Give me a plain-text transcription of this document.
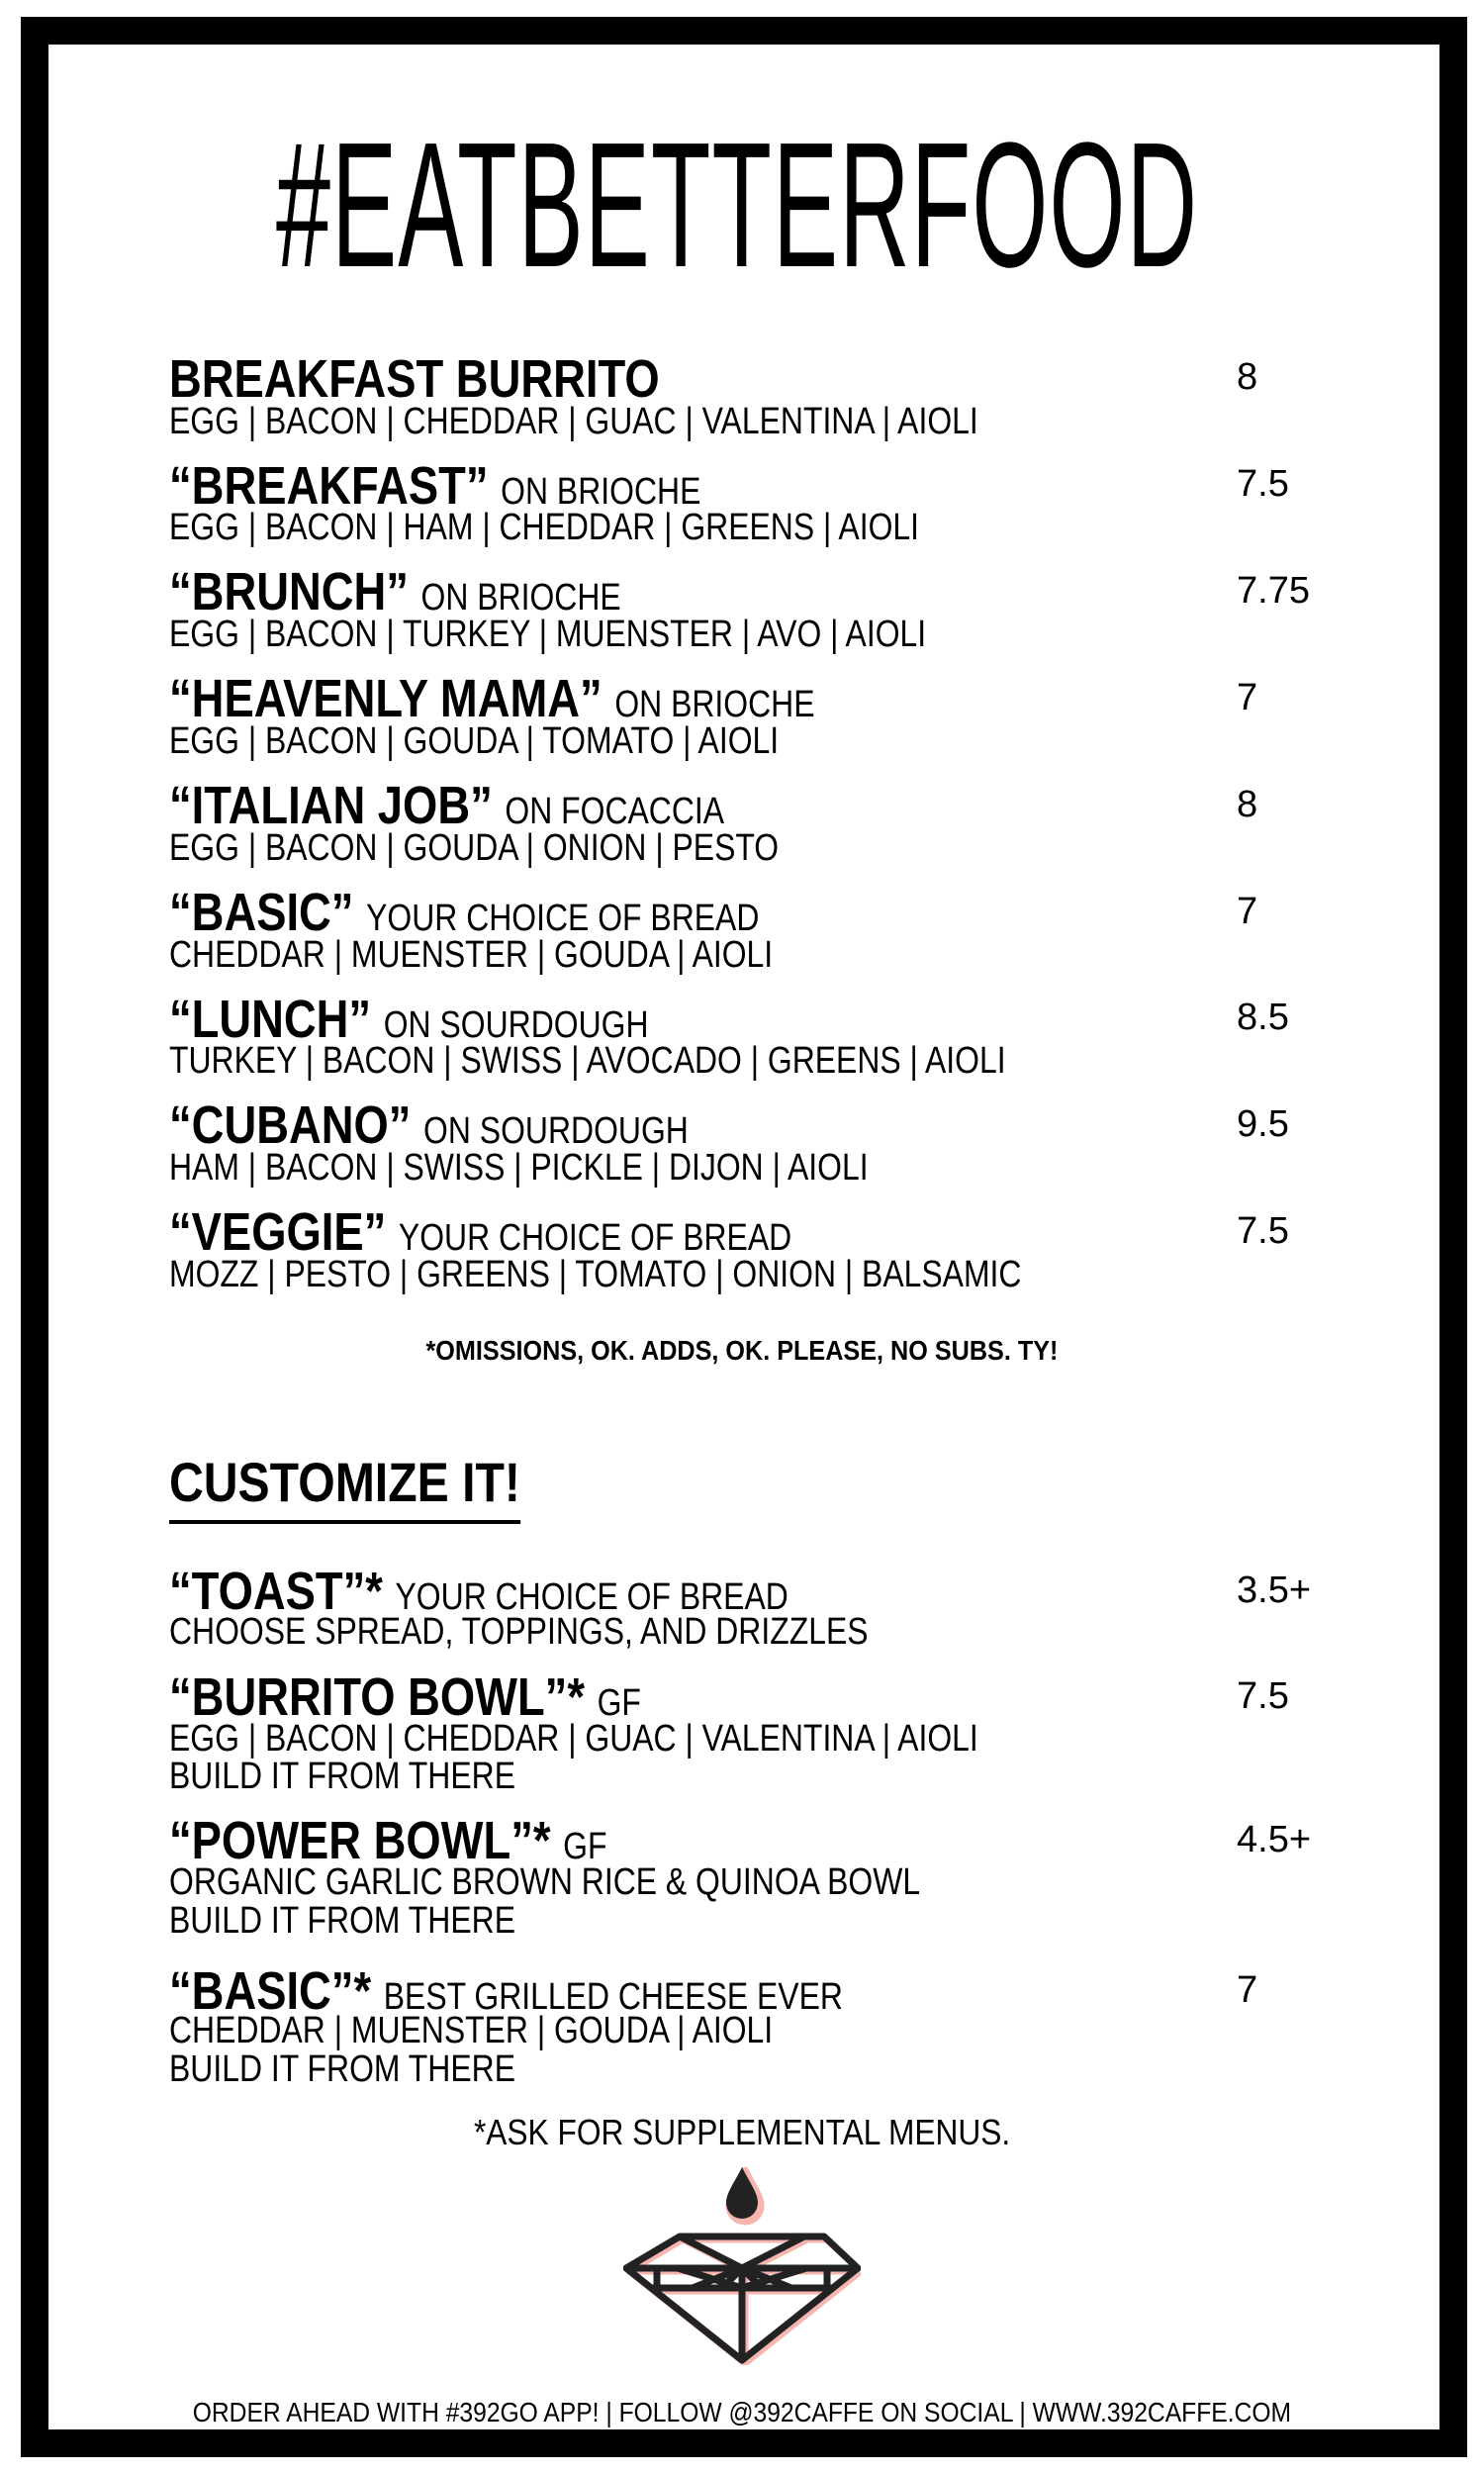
#EATBETTERFOOD
BREAKFAST BURRITO
EGG | BACON | CHEDDAR | GUAC | VALENTINA | AIOLI
8
“BREAKFAST” ON BRIOCHE
EGG | BACON | HAM | CHEDDAR | GREENS | AIOLI
7.5
“BRUNCH” ON BRIOCHE
EGG | BACON | TURKEY | MUENSTER | AVO | AIOLI
7.75
“HEAVENLY MAMA” ON BRIOCHE
EGG | BACON | GOUDA | TOMATO | AIOLI
7
“ITALIAN JOB” ON FOCACCIA
EGG | BACON | GOUDA | ONION | PESTO
8
“BASIC” YOUR CHOICE OF BREAD
CHEDDAR | MUENSTER | GOUDA | AIOLI
7
“LUNCH” ON SOURDOUGH
TURKEY | BACON | SWISS | AVOCADO | GREENS | AIOLI
8.5
“CUBANO” ON SOURDOUGH
HAM | BACON | SWISS | PICKLE | DIJON | AIOLI
9.5
“VEGGIE” YOUR CHOICE OF BREAD
MOZZ | PESTO | GREENS | TOMATO | ONION | BALSAMIC
7.5
*OMISSIONS, OK. ADDS, OK. PLEASE, NO SUBS. TY!
CUSTOMIZE IT!
“TOAST”* YOUR CHOICE OF BREAD
CHOOSE SPREAD, TOPPINGS, AND DRIZZLES
3.5+
“BURRITO BOWL”* GF
EGG | BACON | CHEDDAR | GUAC | VALENTINA | AIOLI
BUILD IT FROM THERE
7.5
“POWER BOWL”* GF
ORGANIC GARLIC BROWN RICE & QUINOA BOWL
BUILD IT FROM THERE
4.5+
“BASIC”* BEST GRILLED CHEESE EVER
CHEDDAR | MUENSTER | GOUDA | AIOLI
BUILD IT FROM THERE
7
*ASK FOR SUPPLEMENTAL MENUS.
ORDER AHEAD WITH #392GO APP! | FOLLOW @392CAFFE ON SOCIAL | WWW.392CAFFE.COM
